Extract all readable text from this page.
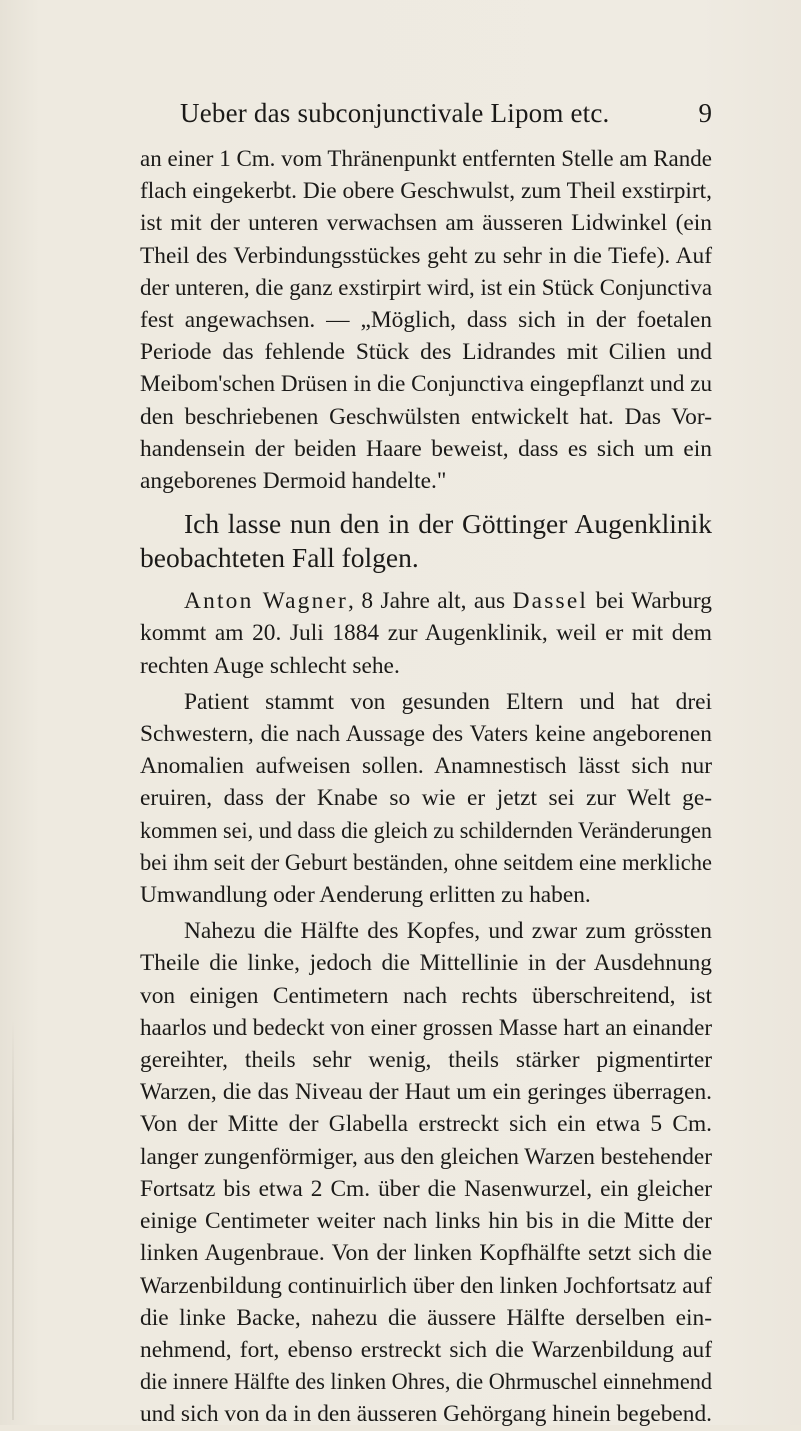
Ueber das subconjunctivale Lipom etc.	9

an einer 1 Cm. vom Thränenpunkt entfernten Stelle am Rande
flach eingekerbt. Die obere Geschwulst, zum Theil exstirpirt,
ist mit der unteren verwachsen am äusseren Lidwinkel (ein
Theil des Verbindungsstückes geht zu sehr in die Tiefe). Auf
der unteren, die ganz exstirpirt wird, ist ein Stück Conjunctiva
fest angewachsen. — „Möglich, dass sich in der foetalen
Periode das fehlende Stück des Lidrandes mit Cilien und
Meibom'schen Drüsen in die Conjunctiva eingepflanzt und zu
den beschriebenen Geschwülsten entwickelt hat. Das Vor-
handensein der beiden Haare beweist, dass es sich um ein
angeborenes Dermoid handelte."

Ich lasse nun den in der Göttinger Augenklinik
beobachteten Fall folgen.

Anton Wagner, 8 Jahre alt, aus Dassel bei Warburg
kommt am 20. Juli 1884 zur Augenklinik, weil er mit dem
rechten Auge schlecht sehe.

Patient stammt von gesunden Eltern und hat drei
Schwestern, die nach Aussage des Vaters keine angeborenen
Anomalien aufweisen sollen. Anamnestisch lässt sich nur
eruiren, dass der Knabe so wie er jetzt sei zur Welt ge-
kommen sei, und dass die gleich zu schildernden Veränderungen
bei ihm seit der Geburt beständen, ohne seitdem eine merkliche
Umwandlung oder Aenderung erlitten zu haben.

Nahezu die Hälfte des Kopfes, und zwar zum grössten
Theile die linke, jedoch die Mittellinie in der Ausdehnung
von einigen Centimetern nach rechts überschreitend, ist
haarlos und bedeckt von einer grossen Masse hart an einander
gereihter, theils sehr wenig, theils stärker pigmentirter
Warzen, die das Niveau der Haut um ein geringes überragen.
Von der Mitte der Glabella erstreckt sich ein etwa 5 Cm.
langer zungenförmiger, aus den gleichen Warzen bestehender
Fortsatz bis etwa 2 Cm. über die Nasenwurzel, ein gleicher
einige Centimeter weiter nach links hin bis in die Mitte der
linken Augenbraue. Von der linken Kopfhälfte setzt sich die
Warzenbildung continuirlich über den linken Jochfortsatz auf
die linke Backe, nahezu die äussere Hälfte derselben ein-
nehmend, fort, ebenso erstreckt sich die Warzenbildung auf
die innere Hälfte des linken Ohres, die Ohrmuschel einnehmend
und sich von da in den äusseren Gehörgang hinein begebend.
